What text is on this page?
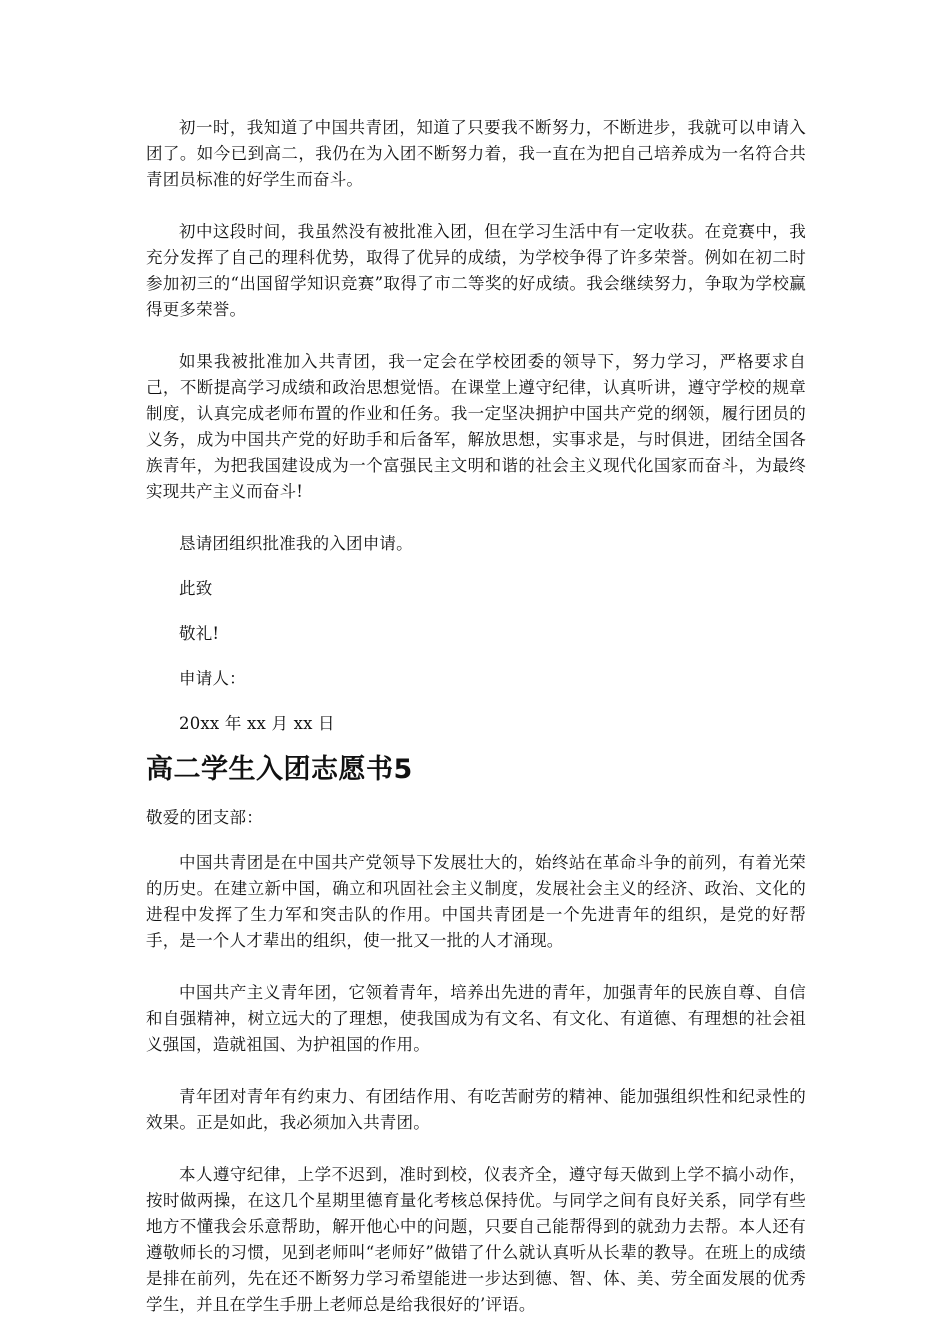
初一时，我知道了中国共青团，知道了只要我不断努力，不断进步，我就可以申请入团了。如今已到高二，我仍在为入团不断努力着，我一直在为把自己培养成为一名符合共青团员标准的好学生而奋斗。

初中这段时间，我虽然没有被批准入团，但在学习生活中有一定收获。在竞赛中，我充分发挥了自己的理科优势，取得了优异的成绩，为学校争得了许多荣誉。例如在初二时参加初三的“出国留学知识竞赛”取得了市二等奖的好成绩。我会继续努力，争取为学校赢得更多荣誉。

如果我被批准加入共青团，我一定会在学校团委的领导下，努力学习，严格要求自己，不断提高学习成绩和政治思想觉悟。在课堂上遵守纪律，认真听讲，遵守学校的规章制度，认真完成老师布置的作业和任务。我一定坚决拥护中国共产党的纲领，履行团员的义务，成为中国共产党的好助手和后备军，解放思想，实事求是，与时俱进，团结全国各族青年，为把我国建设成为一个富强民主文明和谐的社会主义现代化国家而奋斗，为最终实现共产主义而奋斗!

恳请团组织批准我的入团申请。

此致

敬礼!

申请人：

20xx 年 xx 月 xx 日

高二学生入团志愿书5

敬爱的团支部：

中国共青团是在中国共产党领导下发展壮大的，始终站在革命斗争的前列，有着光荣的历史。在建立新中国，确立和巩固社会主义制度，发展社会主义的经济、政治、文化的进程中发挥了生力军和突击队的作用。中国共青团是一个先进青年的组织，是党的好帮手，是一个人才辈出的组织，使一批又一批的人才涌现。

中国共产主义青年团，它领着青年，培养出先进的青年，加强青年的民族自尊、自信和自强精神，树立远大的了理想，使我国成为有文名、有文化、有道德、有理想的社会祖义强国，造就祖国、为护祖国的作用。

青年团对青年有约束力、有团结作用、有吃苦耐劳的精神、能加强组织性和纪录性的效果。正是如此，我必须加入共青团。

本人遵守纪律，上学不迟到，准时到校，仪表齐全，遵守每天做到上学不搞小动作，按时做两操，在这几个星期里德育量化考核总保持优。与同学之间有良好关系，同学有些地方不懂我会乐意帮助，解开他心中的问题，只要自己能帮得到的就劲力去帮。本人还有遵敬师长的习惯，见到老师叫“老师好”做错了什么就认真听从长辈的教导。在班上的成绩是排在前列，先在还不断努力学习希望能进一步达到德、智、体、美、劳全面发展的优秀学生，并且在学生手册上老师总是给我很好的’评语。
